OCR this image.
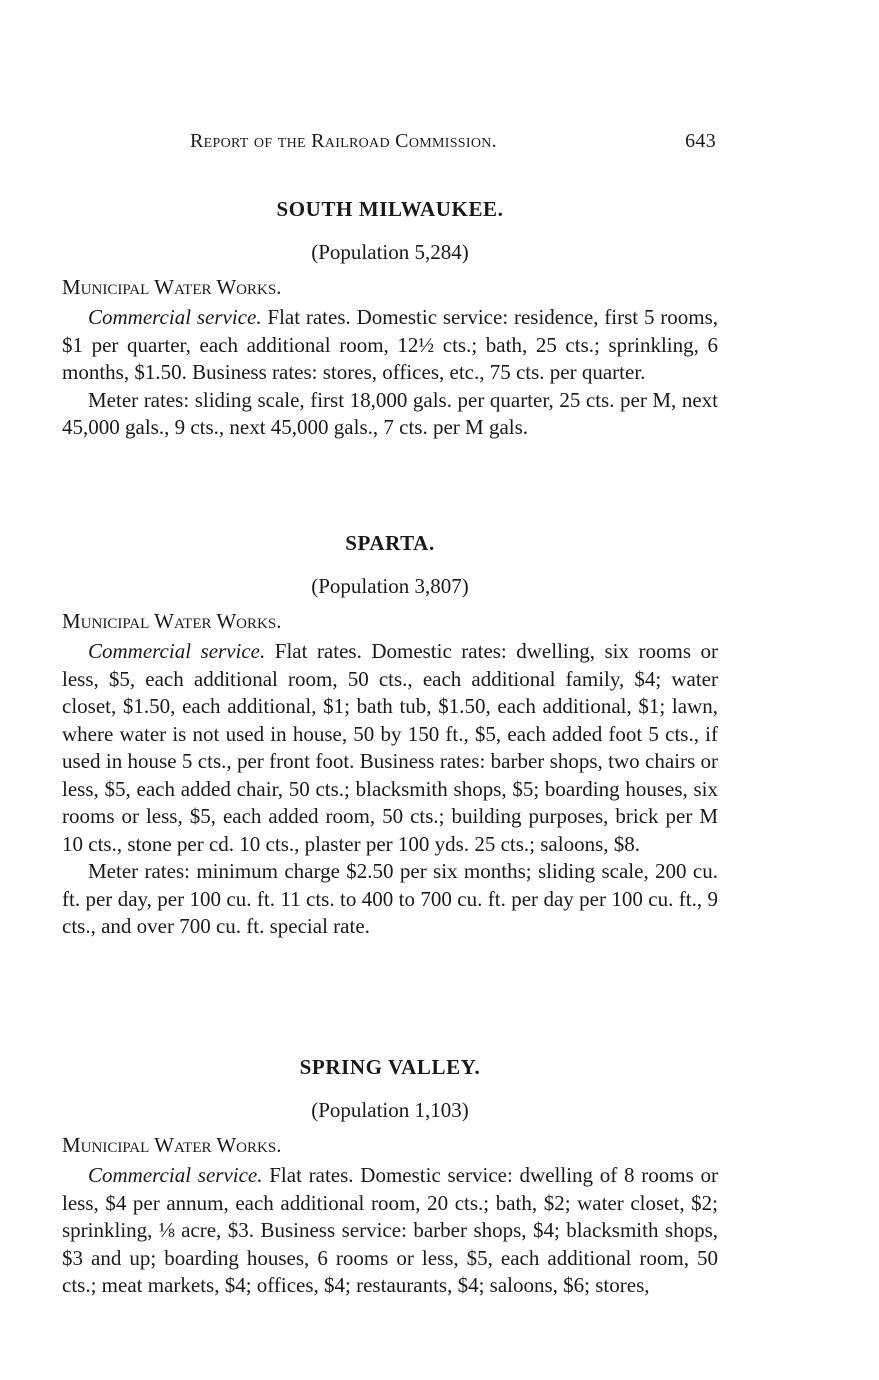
Report of the Railroad Commission.	643
SOUTH MILWAUKEE.
(Population 5,284)
Municipal Water Works.

Commercial service. Flat rates. Domestic service: residence, first 5 rooms, $1 per quarter, each additional room, 12½ cts.; bath, 25 cts.; sprinkling, 6 months, $1.50. Business rates: stores, offices, etc., 75 cts. per quarter.

Meter rates: sliding scale, first 18,000 gals. per quarter, 25 cts. per M, next 45,000 gals., 9 cts., next 45,000 gals., 7 cts. per M gals.

SPARTA.
(Population 3,807)
Municipal Water Works.

Commercial service. Flat rates. Domestic rates: dwelling, six rooms or less, $5, each additional room, 50 cts., each additional family, $4; water closet, $1.50, each additional, $1; bath tub, $1.50, each additional, $1; lawn, where water is not used in house, 50 by 150 ft., $5, each added foot 5 cts., if used in house 5 cts., per front foot. Business rates: barber shops, two chairs or less, $5, each added chair, 50 cts.; blacksmith shops, $5; boarding houses, six rooms or less, $5, each added room, 50 cts.; building purposes, brick per M 10 cts., stone per cd. 10 cts., plaster per 100 yds. 25 cts.; saloons, $8.

Meter rates: minimum charge $2.50 per six months; sliding scale, 200 cu. ft. per day, per 100 cu. ft. 11 cts. to 400 to 700 cu. ft. per day per 100 cu. ft., 9 cts., and over 700 cu. ft. special rate.

SPRING VALLEY.
(Population 1,103)
Municipal Water Works.

Commercial service. Flat rates. Domestic service: dwelling of 8 rooms or less, $4 per annum, each additional room, 20 cts.; bath, $2; water closet, $2; sprinkling, ⅛ acre, $3. Business service: barber shops, $4; blacksmith shops, $3 and up; boarding houses, 6 rooms or less, $5, each additional room, 50 cts.; meat markets, $4; offices, $4; restaurants, $4; saloons, $6; stores,
